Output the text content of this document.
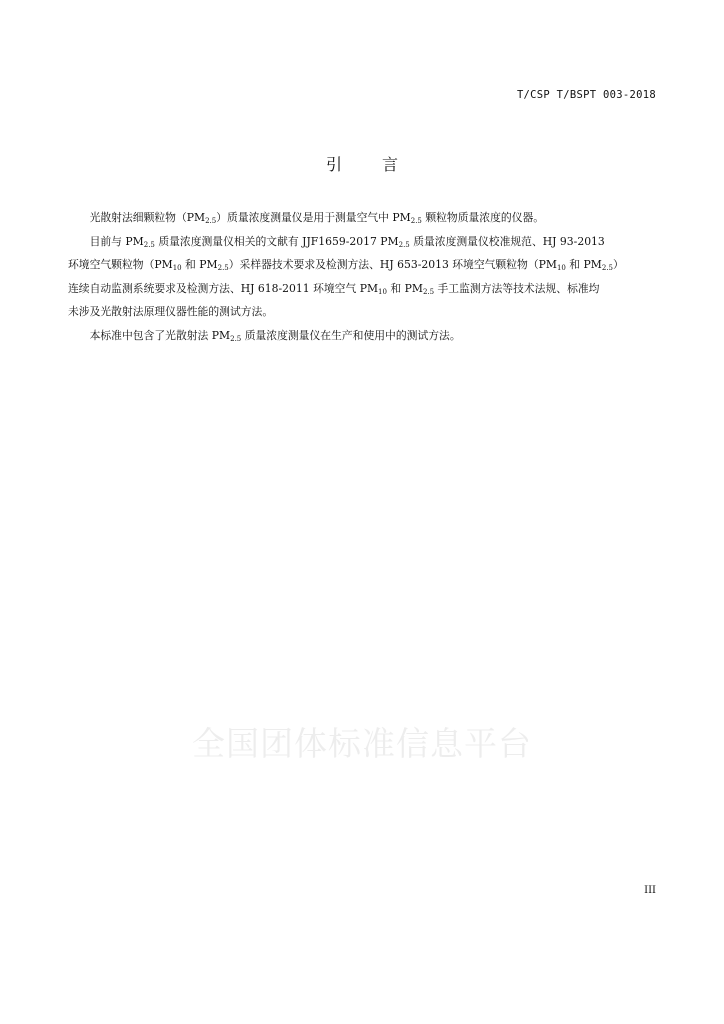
T/CSP T/BSPT 003-2018
引	言

光散射法细颗粒物$(PM_{2.5})$质量浓度测量仪是用于测量空气中 $PM_{2.5}$ 颗粒物质量浓度的仪器。

目前与 $PM_{2.5}$ 质量浓度测量仪相关的文献有 JJF1659-2017 $PM_{2.5}$ 质量浓度测量仪校准规范、HJ 93-2013
环境空气颗粒物（$PM_{10}$ 和 $PM_{2.5}$）采样器技术要求及检测方法、HJ 653-2013 环境空气颗粒物（$PM_{10}$ 和 $PM_{2.5}$）
连续自动监测系统要求及检测方法、HJ 618-2011 环境空气 $PM_{10}$ 和 $PM_{2.5}$ 手工监测方法等技术法规、标准均
未涉及光散射法原理仪器性能的测试方法。

本标准中包含了光散射法 $PM_{2.5}$ 质量浓度测量仪在生产和使用中的测试方法。

全国团体标准信息平台
III
